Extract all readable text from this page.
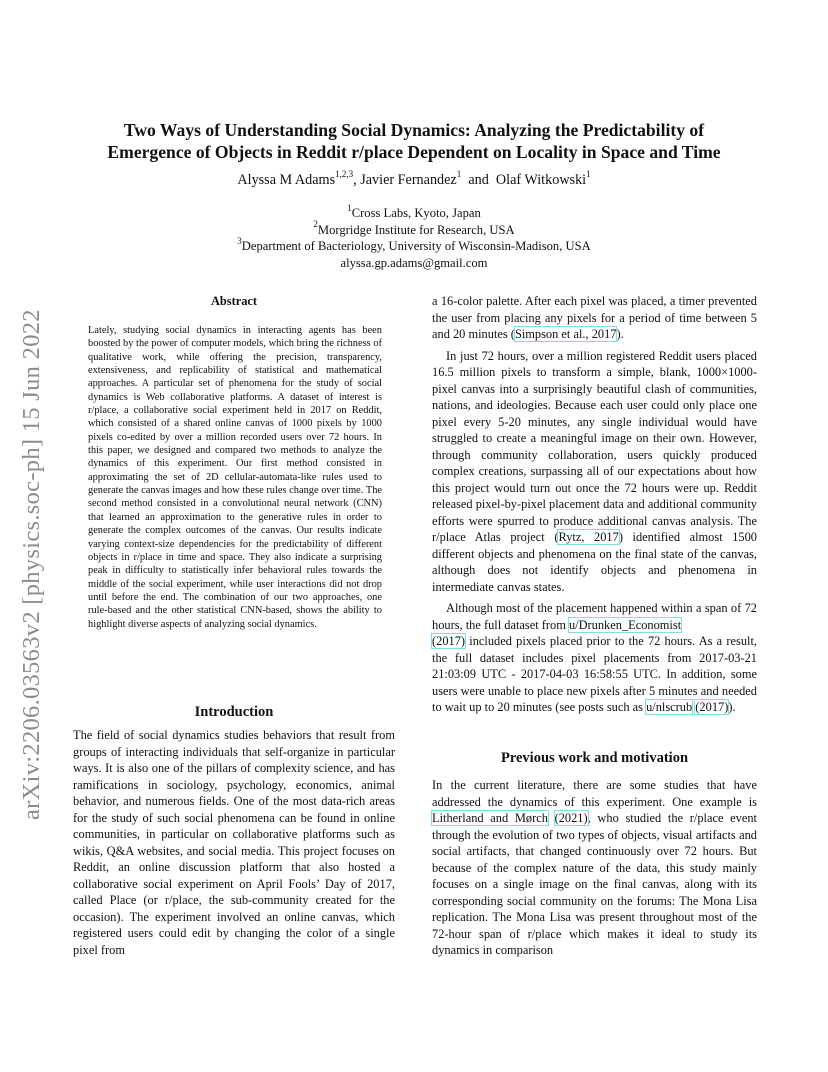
arXiv:2206.03563v2 [physics.soc-ph] 15 Jun 2022
Two Ways of Understanding Social Dynamics: Analyzing the Predictability of
Emergence of Objects in Reddit r/place Dependent on Locality in Space and Time
Alyssa M Adams$^{1,2,3}$, Javier Fernandez$^1$  and  Olaf Witkowski$^1$
$^1$Cross Labs, Kyoto, Japan
$^2$Morgridge Institute for Research, USA
$^3$Department of Bacteriology, University of Wisconsin-Madison, USA
alyssa.gp.adams@gmail.com
Abstract
Lately, studying social dynamics in interacting agents has been boosted by the power of computer models, which bring the richness of qualitative work, while offering the precision, transparency, extensiveness, and replicability of statistical and mathematical approaches. A particular set of phenomena for the study of social dynamics is Web collaborative platforms. A dataset of interest is r/place, a collaborative social experiment held in 2017 on Reddit, which consisted of a shared online canvas of 1000 pixels by 1000 pixels co-edited by over a million recorded users over 72 hours. In this paper, we designed and compared two methods to analyze the dynamics of this experiment. Our first method consisted in approximating the set of 2D cellular-automata-like rules used to generate the canvas images and how these rules change over time. The second method consisted in a convolutional neural network (CNN) that learned an approximation to the generative rules in order to generate the complex outcomes of the canvas. Our results indicate varying context-size dependencies for the predictability of different objects in r/place in time and space. They also indicate a surprising peak in difficulty to statistically infer behavioral rules towards the middle of the social experiment, while user interactions did not drop until before the end. The combination of our two approaches, one rule-based and the other statistical CNN-based, shows the ability to highlight diverse aspects of analyzing social dynamics.
Introduction
The field of social dynamics studies behaviors that result from groups of interacting individuals that self-organize in particular ways. It is also one of the pillars of complexity science, and has ramifications in sociology, psychology, economics, animal behavior, and numerous fields. One of the most data-rich areas for the study of such social phenomena can be found in online communities, in particular on collaborative platforms such as wikis, Q&A websites, and social media. This project focuses on Reddit, an online discussion platform that also hosted a collaborative social experiment on April Fools’ Day of 2017, called Place (or r/place, the sub-community created for the occasion). The experiment involved an online canvas, which registered users could edit by changing the color of a single pixel from

a 16-color palette. After each pixel was placed, a timer prevented the user from placing any pixels for a period of time between 5 and 20 minutes (Simpson et al., 2017).

In just 72 hours, over a million registered Reddit users placed 16.5 million pixels to transform a simple, blank, 1000×1000-pixel canvas into a surprisingly beautiful clash of communities, nations, and ideologies. Because each user could only place one pixel every 5-20 minutes, any single individual would have struggled to create a meaningful image on their own. However, through community collaboration, users quickly produced complex creations, surpassing all of our expectations about how this project would turn out once the 72 hours were up. Reddit released pixel-by-pixel placement data and additional community efforts were spurred to produce additional canvas analysis. The r/place Atlas project (Rytz, 2017) identified almost 1500 different objects and phenomena on the final state of the canvas, although does not identify objects and phenomena in intermediate canvas states.

Although most of the placement happened within a span of 72 hours, the full dataset from u/Drunken_Economist
(2017) included pixels placed prior to the 72 hours. As a result, the full dataset includes pixel placements from 2017-03-21 21:03:09 UTC - 2017-04-03 16:58:55 UTC. In addition, some users were unable to place new pixels after 5 minutes and needed to wait up to 20 minutes (see posts such as u/nlscrub (2017)).

Previous work and motivation
In the current literature, there are some studies that have addressed the dynamics of this experiment. One example is Litherland and Mørch (2021), who studied the r/place event through the evolution of two types of objects, visual artifacts and social artifacts, that changed continuously over 72 hours. But because of the complex nature of the data, this study mainly focuses on a single image on the final canvas, along with its corresponding social community on the forums: The Mona Lisa replication. The Mona Lisa was present throughout most of the 72-hour span of r/place which makes it ideal to study its dynamics in comparison
